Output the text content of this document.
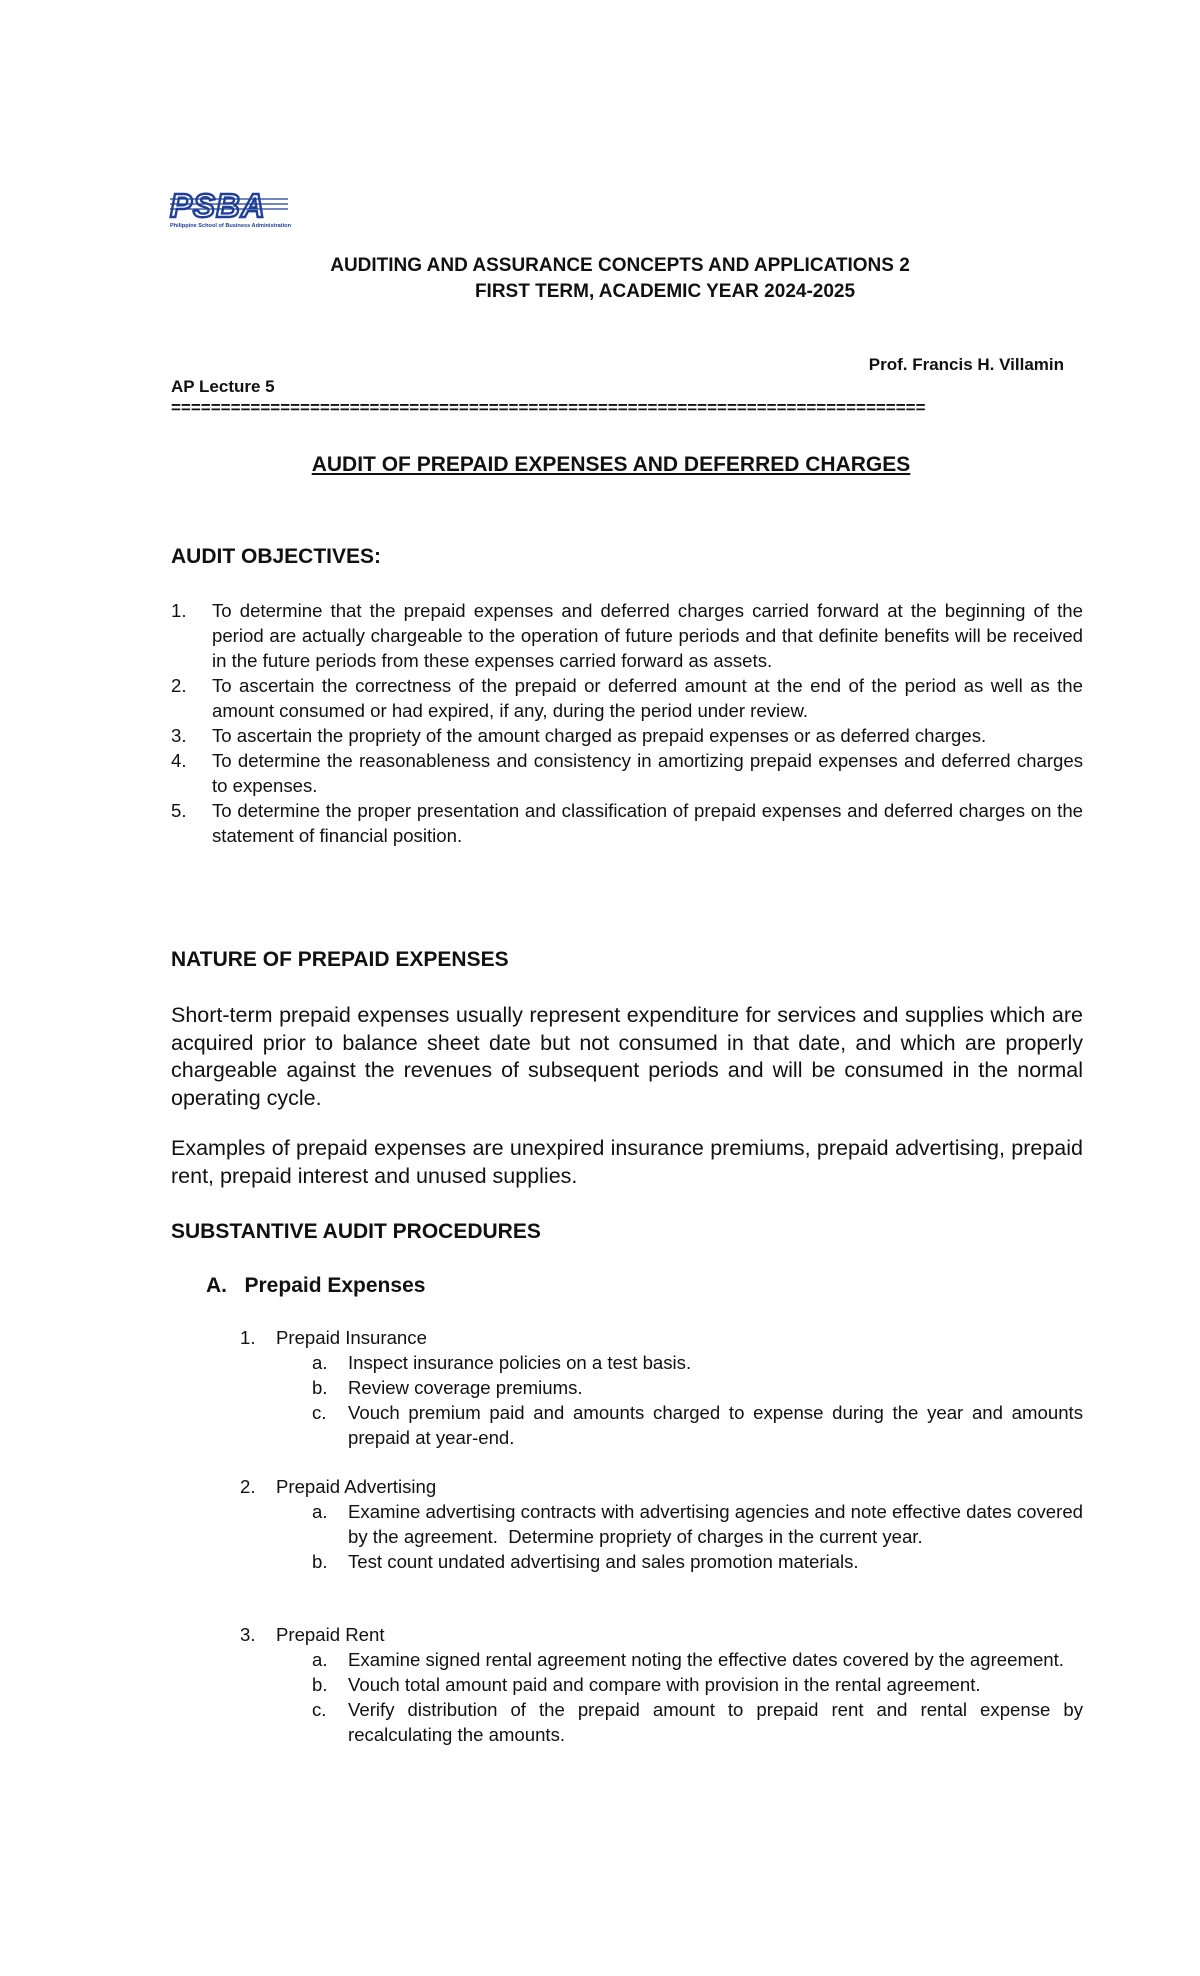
PSBA
Philippine School of Business Administration
AUDITING AND ASSURANCE CONCEPTS AND APPLICATIONS 2
FIRST TERM, ACADEMIC YEAR 2024-2025
Prof. Francis H. Villamin
AP Lecture 5
============================================================================
AUDIT OF PREPAID EXPENSES AND DEFERRED CHARGES
AUDIT OBJECTIVES:
1. To determine that the prepaid expenses and deferred charges carried forward at the beginning of the period are actually chargeable to the operation of future periods and that definite benefits will be received in the future periods from these expenses carried forward as assets.
2. To ascertain the correctness of the prepaid or deferred amount at the end of the period as well as the amount consumed or had expired, if any, during the period under review.
3. To ascertain the propriety of the amount charged as prepaid expenses or as deferred charges.
4. To determine the reasonableness and consistency in amortizing prepaid expenses and deferred charges to expenses.
5. To determine the proper presentation and classification of prepaid expenses and deferred charges on the statement of financial position.
NATURE OF PREPAID EXPENSES
Short-term prepaid expenses usually represent expenditure for services and supplies which are acquired prior to balance sheet date but not consumed in that date, and which are properly chargeable against the revenues of subsequent periods and will be consumed in the normal operating cycle.
Examples of prepaid expenses are unexpired insurance premiums, prepaid advertising, prepaid rent, prepaid interest and unused supplies.
SUBSTANTIVE AUDIT PROCEDURES
A.   Prepaid Expenses
1. Prepaid Insurance
a. Inspect insurance policies on a test basis.
b. Review coverage premiums.
c. Vouch premium paid and amounts charged to expense during the year and amounts prepaid at year-end.
2. Prepaid Advertising
a. Examine advertising contracts with advertising agencies and note effective dates covered by the agreement.  Determine propriety of charges in the current year.
b. Test count undated advertising and sales promotion materials.
3. Prepaid Rent
a. Examine signed rental agreement noting the effective dates covered by the agreement.
b. Vouch total amount paid and compare with provision in the rental agreement.
c. Verify distribution of the prepaid amount to prepaid rent and rental expense by recalculating the amounts.
